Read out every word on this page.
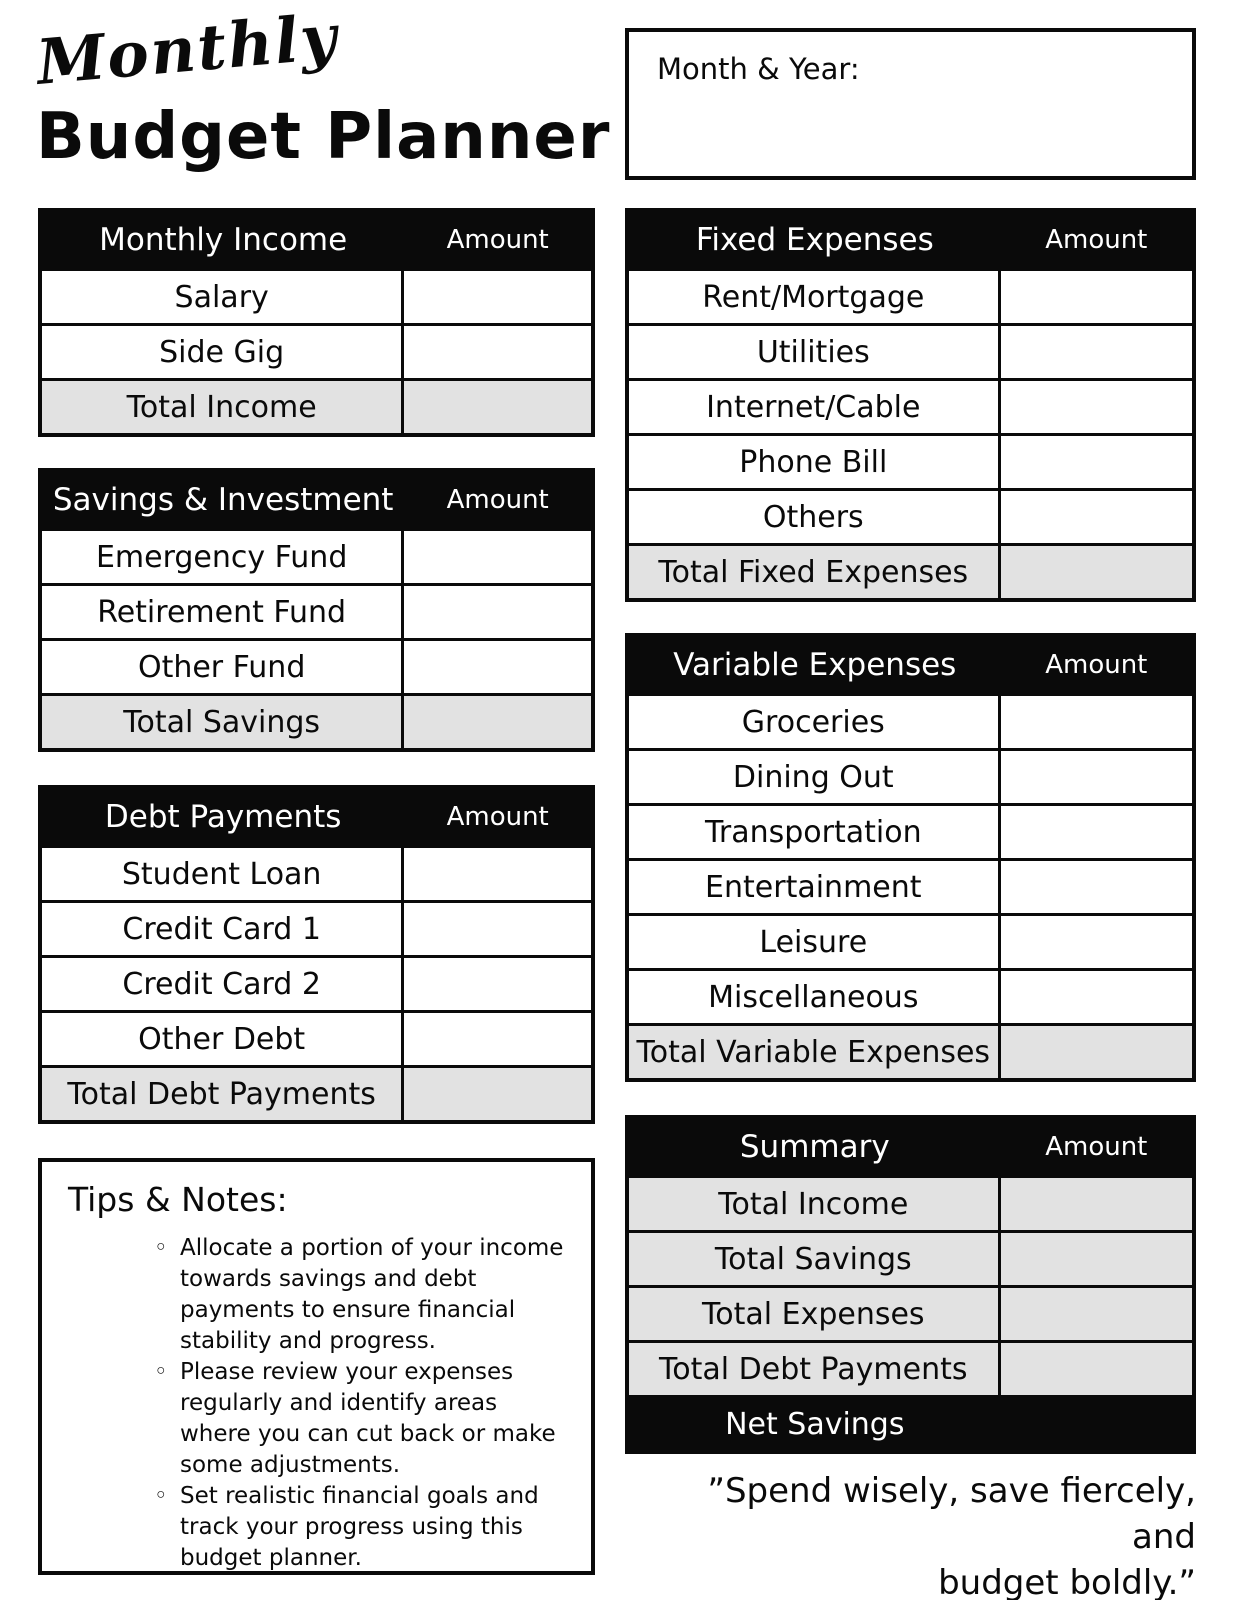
Monthly
Budget Planner
Month & Year:
Monthly Income	Amount
Salary
Side Gig
Total Income
Savings & Investment	Amount
Emergency Fund
Retirement Fund
Other Fund
Total Savings
Debt Payments	Amount
Student Loan
Credit Card 1
Credit Card 2
Other Debt
Total Debt Payments
Fixed Expenses	Amount
Rent/Mortgage
Utilities
Internet/Cable
Phone Bill
Others
Total Fixed Expenses
Variable Expenses	Amount
Groceries
Dining Out
Transportation
Entertainment
Leisure
Miscellaneous
Total Variable Expenses
Summary	Amount
Total Income
Total Savings
Total Expenses
Total Debt Payments
Net Savings
Tips & Notes:
◦ Allocate a portion of your income towards savings and debt payments to ensure financial stability and progress.
◦ Please review your expenses regularly and identify areas where you can cut back or make some adjustments.
◦ Set realistic financial goals and track your progress using this budget planner.
”Spend wisely, save fiercely, and
budget boldly.”
